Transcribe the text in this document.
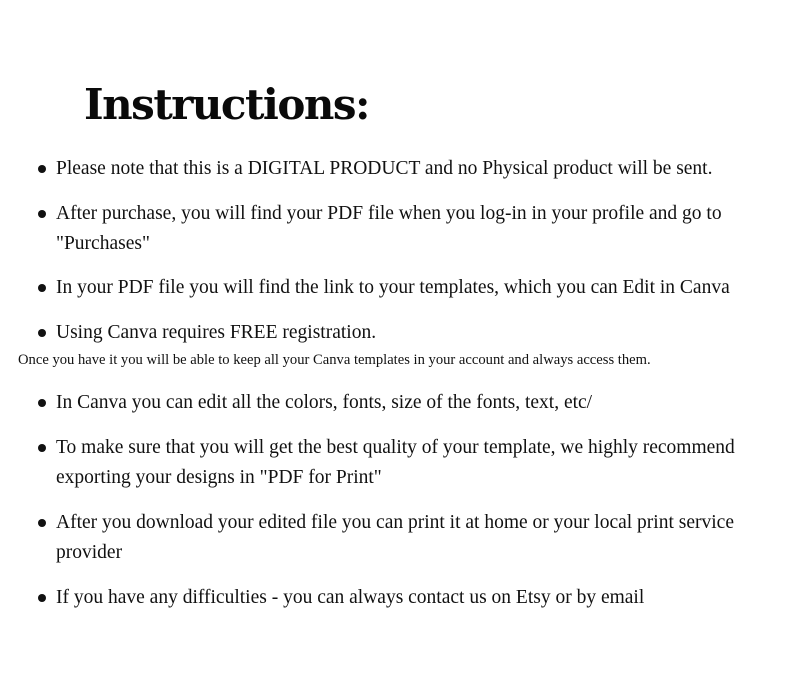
Instructions:
Please note that this is a DIGITAL PRODUCT and no Physical product will be sent.
After purchase, you will find your PDF file when you log-in in your profile and go to "Purchases"
In your PDF file you will find the link to your templates, which you can Edit in Canva
Using Canva requires FREE registration.
Once you have it you will be able to keep all your Canva templates in your account and always access them.
In Canva you can edit all the colors, fonts, size of the fonts, text, etc/
To make sure that you will get the best quality of your template, we highly recommend exporting your designs in "PDF for Print"
After you download your edited file you can print it at home or your local print service provider
If you have any difficulties - you can always contact us on Etsy or by email
